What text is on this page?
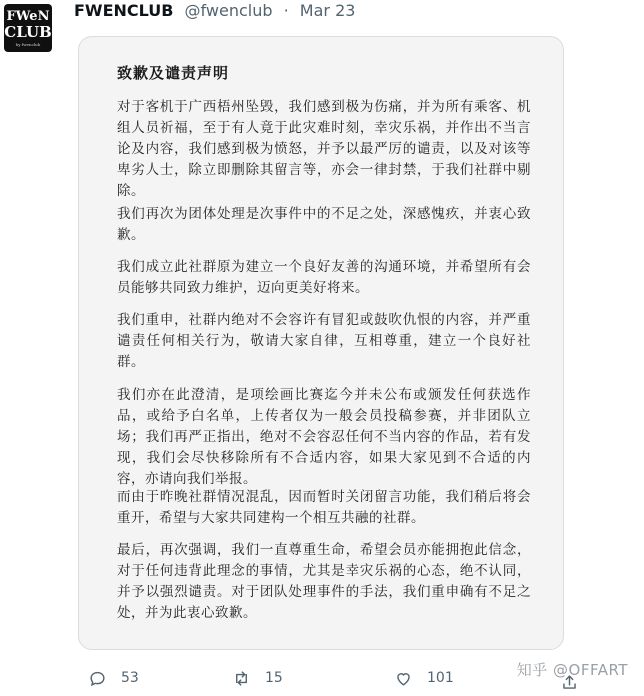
FWeN
CLUB
by fwenclub
FWENCLUB @fwenclub · Mar 23
致歉及谴责声明

对于客机于广西梧州坠毁，我们感到极为伤痛，并为所有乘客、机组人员祈福，至于有人竟于此灾难时刻，幸灾乐祸，并作出不当言论及内容，我们感到极为愤怒，并予以最严厉的谴责，以及对该等卑劣人士，除立即删除其留言等，亦会一律封禁，于我们社群中剔除。

我们再次为团体处理是次事件中的不足之处，深感愧疚，并衷心致歉。

我们成立此社群原为建立一个良好友善的沟通环境，并希望所有会员能够共同致力维护，迈向更美好将来。

我们重申，社群内绝对不会容许有冒犯或鼓吹仇恨的内容，并严重谴责任何相关行为，敬请大家自律，互相尊重，建立一个良好社群。

我们亦在此澄清，是项绘画比赛迄今并未公布或颁发任何获选作品，或给予白名单，上传者仅为一般会员投稿参赛，并非团队立场；我们再严正指出，绝对不会容忍任何不当内容的作品，若有发现，我们会尽快移除所有不合适内容，如果大家见到不合适的内容，亦请向我们举报。

而由于昨晚社群情况混乱，因而暂时关闭留言功能，我们稍后将会重开，希望与大家共同建构一个相互共融的社群。

最后，再次强调，我们一直尊重生命，希望会员亦能拥抱此信念，对于任何违背此理念的事情，尤其是幸灾乐祸的心态，绝不认同，并予以强烈谴责。对于团队处理事件的手法，我们重申确有不足之处，并为此衷心致歉。

53	15	101	知乎 @OFFART
